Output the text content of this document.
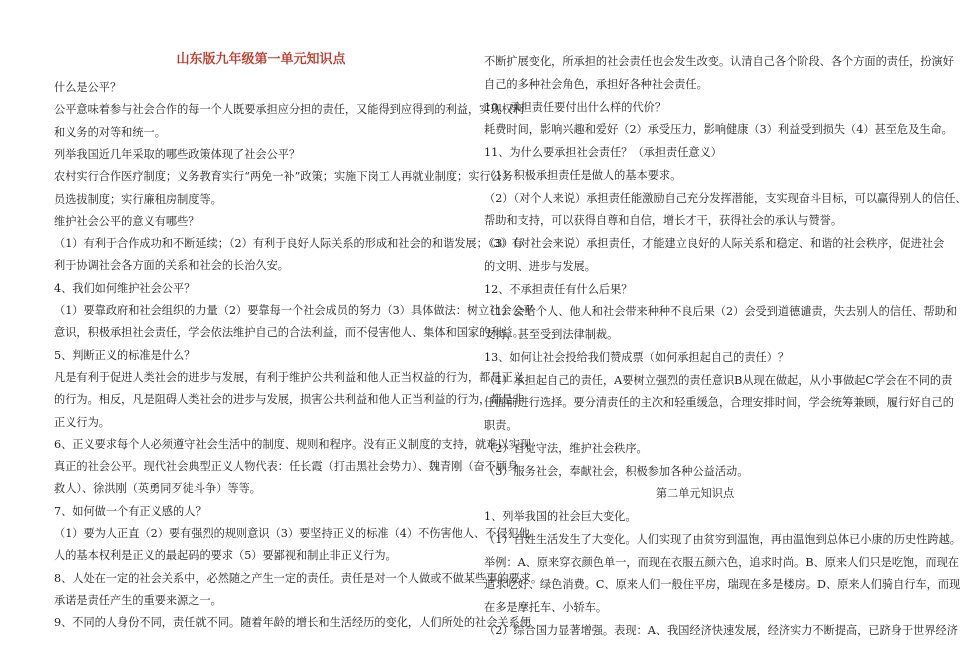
山东版九年级第一单元知识点
什么是公平？
公平意味着参与社会合作的每一个人既要承担应分担的责任，又能得到应得到的利益，实现权利
和义务的对等和统一。
列举我国近几年采取的哪些政策体现了社会公平？
农村实行合作医疗制度；义务教育实行“两免一补”政策；实施下岗工人再就业制度；实行公务
员选拔制度；实行廉租房制度等。
维护社会公平的意义有哪些？
（1）有利于合作成功和不断延续；（2）有利于良好人际关系的形成和社会的和谐发展；（3）有
利于协调社会各方面的关系和社会的长治久安。
4、我们如何维护社会公平？
（1）要靠政府和社会组织的力量（2）要靠每一个社会成员的努力（3）具体做法：树立社会公平
意识，积极承担社会责任，学会依法维护自己的合法利益，而不侵害他人、集体和国家的利益。
5、判断正义的标准是什么？
凡是有利于促进人类社会的进步与发展，有利于维护公共利益和他人正当权益的行为，都是正义
的行为。相反，凡是阻碍人类社会的进步与发展，损害公共利益和他人正当利益的行为，都是非
正义行为。
6、正义要求每个人必须遵守社会生活中的制度、规则和程序。没有正义制度的支持，就难以实现
真正的社会公平。现代社会典型正义人物代表：任长霞（打击黑社会势力）、魏青刚（奋不顾身
救人）、徐洪刚（英勇同歹徒斗争）等等。
7、如何做一个有正义感的人？
（1）要为人正直（2）要有强烈的规则意识（3）要坚持正义的标准（4）不伤害他人、不侵犯他
人的基本权利是正义的最起码的要求（5）要鄙视和制止非正义行为。
8、人处在一定的社会关系中，必然随之产生一定的责任。责任是对一个人做或不做某些事的要求。
承诺是责任产生的重要来源之一。
9、不同的人身份不同，责任就不同。随着年龄的增长和生活经历的变化，人们所处的社会关系便
不断扩展变化，所承担的社会责任也会发生改变。认清自己各个阶段、各个方面的责任，扮演好
自己的多种社会角色，承担好各种社会责任。
10、承担责任要付出什么样的代价？
耗费时间，影响兴趣和爱好（2）承受压力，影响健康（3）利益受到损失（4）甚至危及生命。
11、为什么要承担社会责任？（承担责任意义）
（1）积极承担责任是做人的基本要求。
（2）（对个人来说）承担责任能激励自己充分发挥潜能，支实现奋斗目标，可以赢得别人的信任、
帮助和支持，可以获得自尊和自信，增长才干，获得社会的承认与赞誉。
（3）（对社会来说）承担责任，才能建立良好的人际关系和稳定、和谐的社会秩序，促进社会
的文明、进步与发展。
12、不承担责任有什么后果？
（1）会给个人、他人和社会带来种种不良后果（2）会受到道德谴责，失去别人的信任、帮助和
支持，甚至受到法律制裁。
13、如何让社会投给我们赞成票（如何承担起自己的责任）？
（1）承担起自己的责任，A要树立强烈的责任意识B从现在做起，从小事做起C学会在不同的责
任面前进行选择。要分清责任的主次和轻重缓急，合理安排时间，学会统筹兼顾，履行好自己的
职责。
（2）自觉守法，维护社会秩序。
（3）服务社会，奉献社会，积极参加各种公益活动。
第二单元知识点
1、列举我国的社会巨大变化。
（1）百姓生活发生了大变化。人们实现了由贫穷到温饱，再由温饱到总体已小康的历史性跨越。
举例：A、原来穿衣颜色单一，而现在衣服五颜六色，追求时尚。B、原来人们只是吃饱，而现在
追求吃好、绿色消费。C、原来人们一般住平房，瑞现在多是楼房。D、原来人们骑自行车，而现
在多是摩托车、小轿车。
（2）综合国力显著增强。表现：A、我国经济快速发展，经济实力不断提高，已跻身于世界经济
